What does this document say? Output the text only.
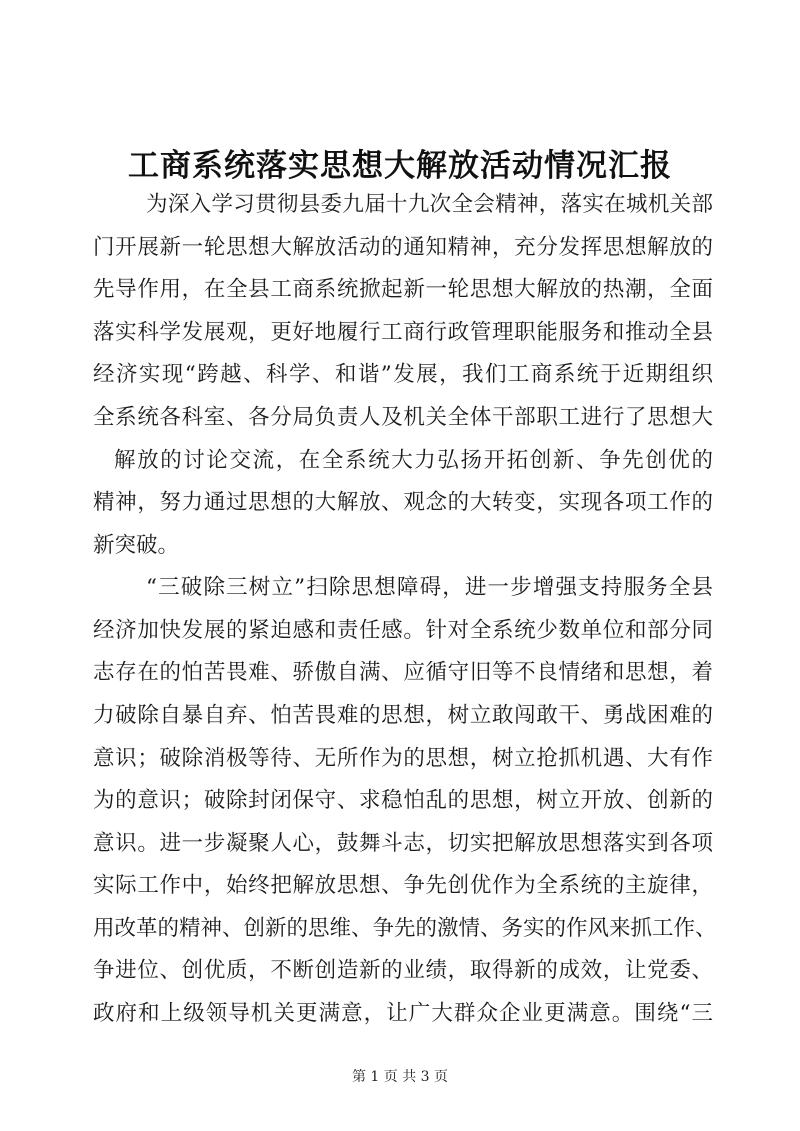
工商系统落实思想大解放活动情况汇报
为深入学习贯彻县委九届十九次全会精神，落实在城机关部
门开展新一轮思想大解放活动的通知精神，充分发挥思想解放的
先导作用，在全县工商系统掀起新一轮思想大解放的热潮，全面
落实科学发展观，更好地履行工商行政管理职能服务和推动全县
经济实现“跨越、科学、和谐”发展，我们工商系统于近期组织
全系统各科室、各分局负责人及机关全体干部职工进行了思想大
解放的讨论交流，在全系统大力弘扬开拓创新、争先创优的
精神，努力通过思想的大解放、观念的大转变，实现各项工作的
新突破。
“三破除三树立”扫除思想障碍，进一步增强支持服务全县
经济加快发展的紧迫感和责任感。针对全系统少数单位和部分同
志存在的怕苦畏难、骄傲自满、应循守旧等不良情绪和思想，着
力破除自暴自弃、怕苦畏难的思想，树立敢闯敢干、勇战困难的
意识；破除消极等待、无所作为的思想，树立抢抓机遇、大有作
为的意识；破除封闭保守、求稳怕乱的思想，树立开放、创新的
意识。进一步凝聚人心，鼓舞斗志，切实把解放思想落实到各项
实际工作中，始终把解放思想、争先创优作为全系统的主旋律，
用改革的精神、创新的思维、争先的激情、务实的作风来抓工作、
争进位、创优质，不断创造新的业绩，取得新的成效，让党委、
政府和上级领导机关更满意，让广大群众企业更满意。围绕“三
第 1 页 共 3 页
